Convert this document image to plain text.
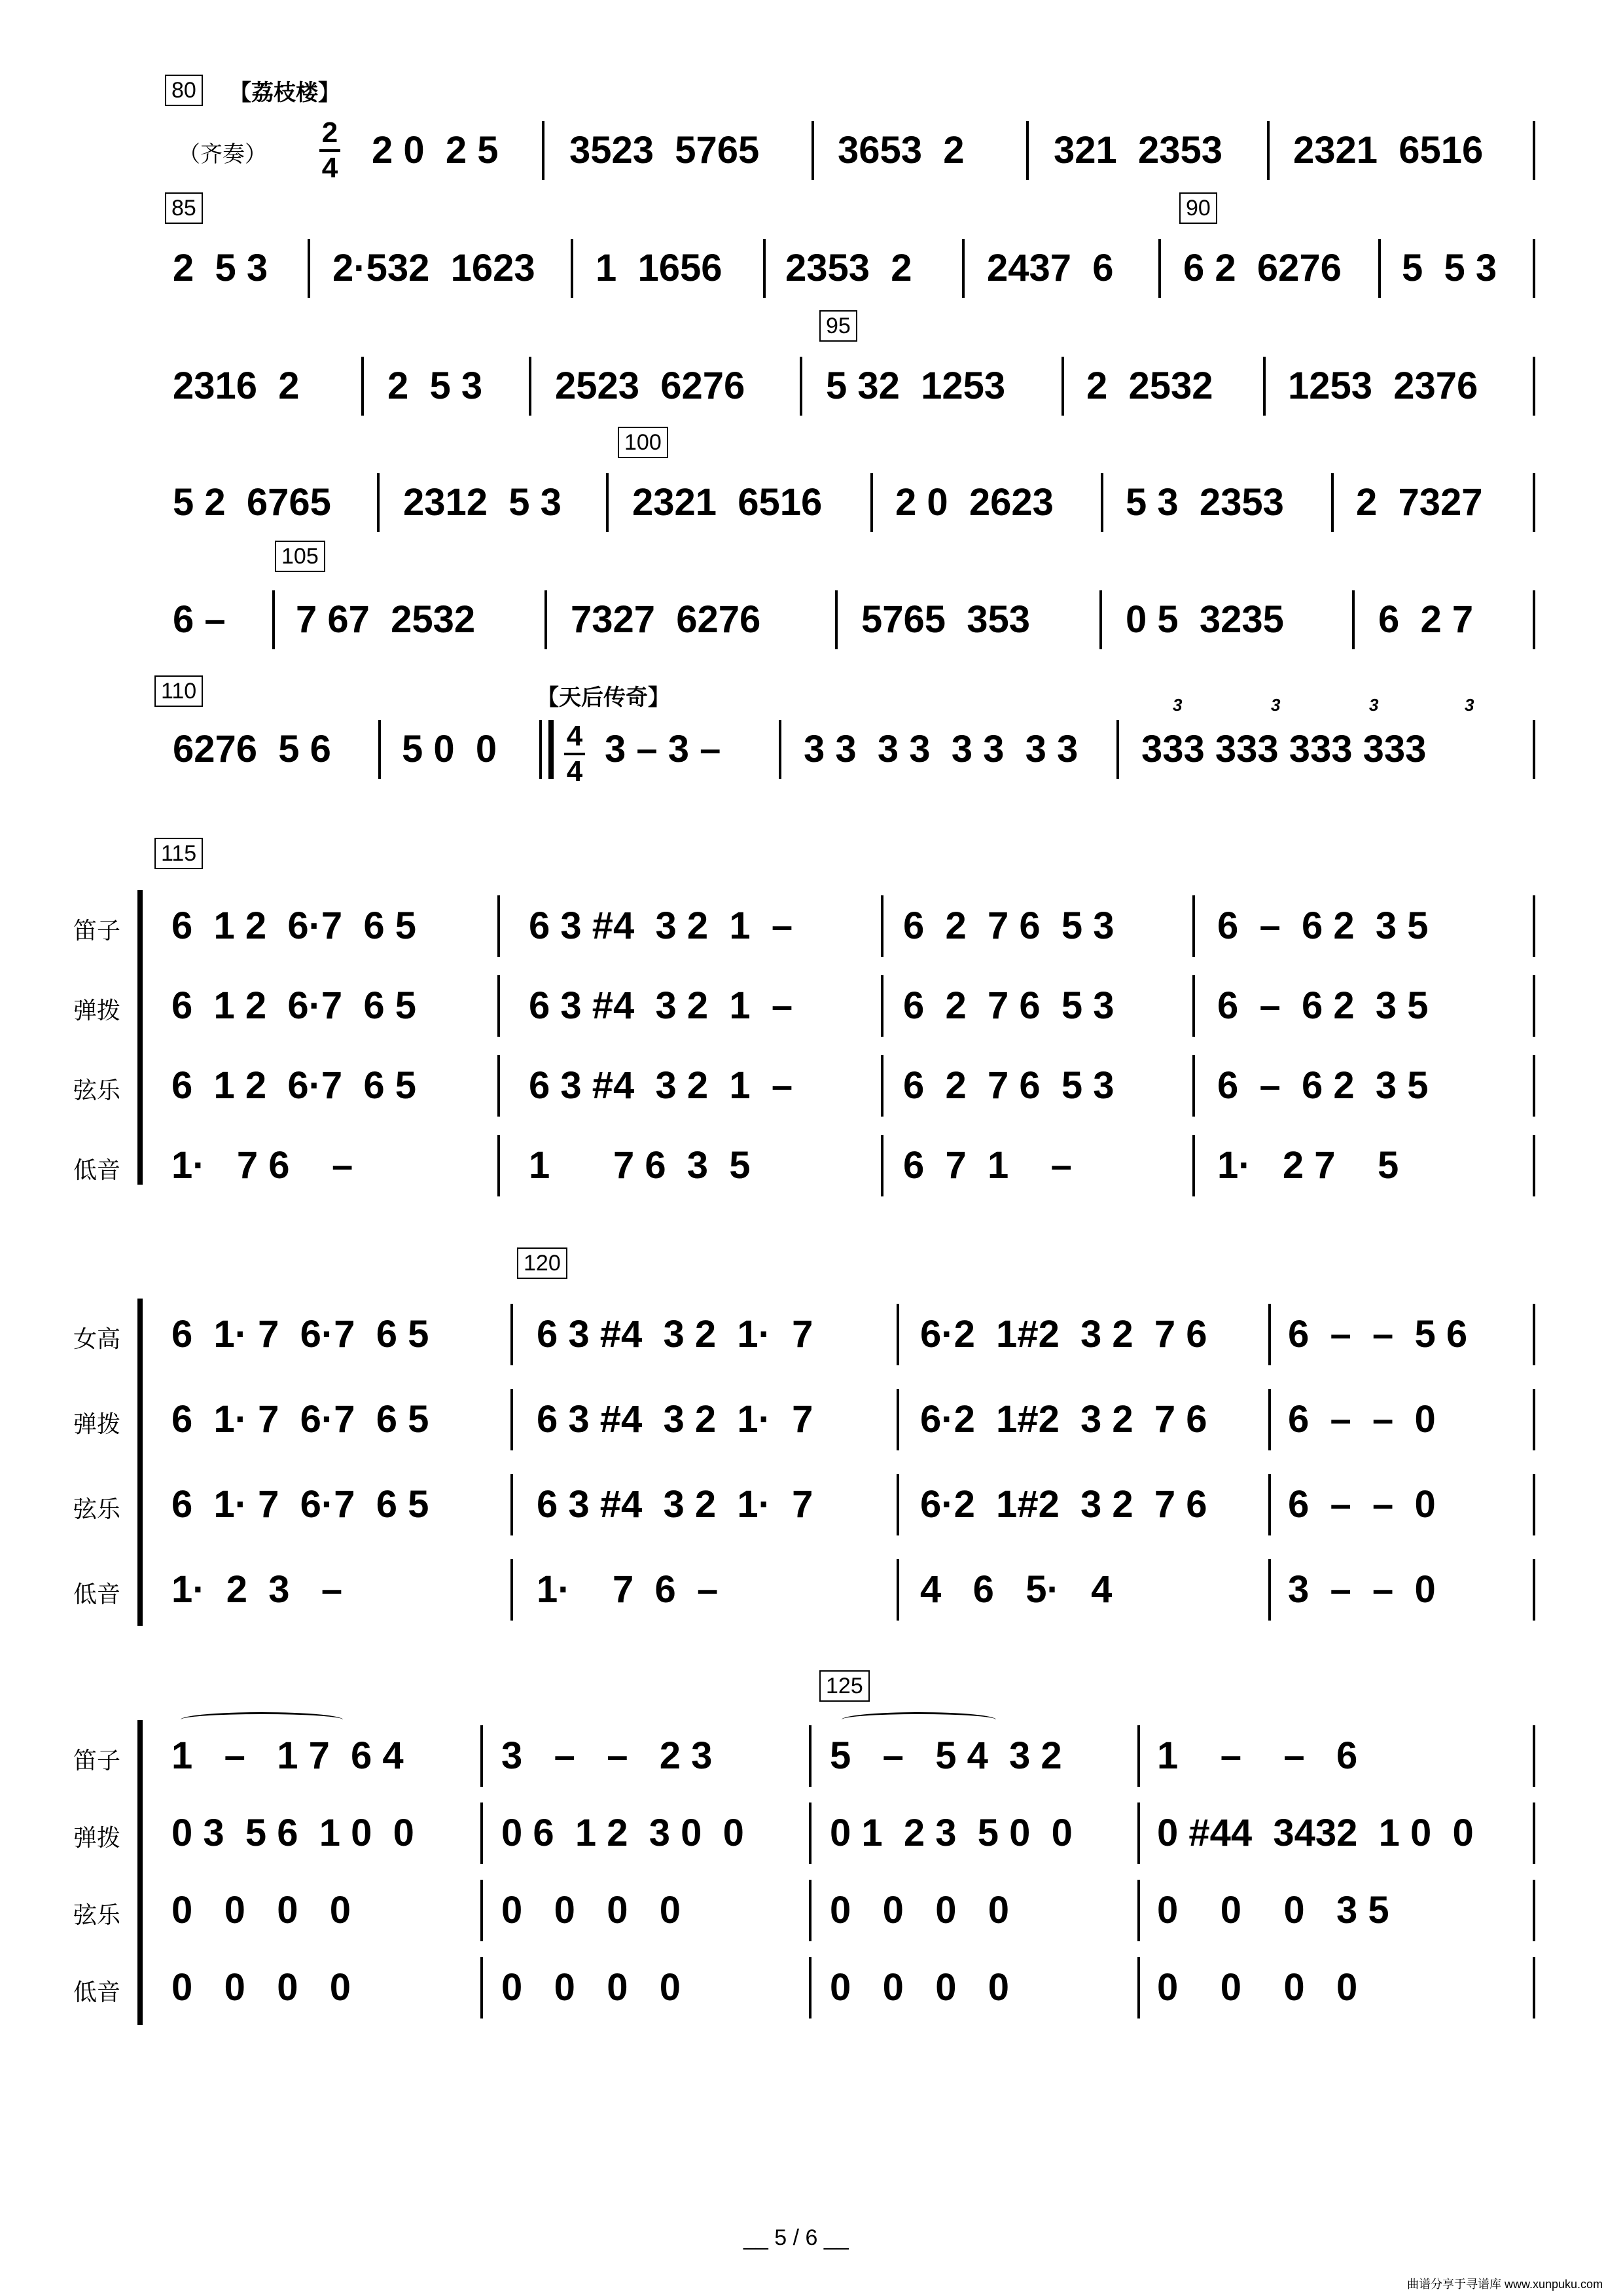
80 【荔枝楼】
（齐奏）
2
4 2 0  2 5	3523  5765	3653  2	321  2353	2321  6516
85	90
2  5 3	2·532  1623	1  1656	2353  2	2437  6	6 2  6276	5  5 3
95
2316  2	2  5 3	2523  6276	5 32  1253	2  2532	1253  2376
100
5 2  6765	2312  5 3	2321  6516	2 0  2623	5 3  2353	2  7327
105
6 –	7 67  2532	7327  6276	5765  353	0 5  3235	6  2 7
110	【天后传奇】
6276  5 6	5 0  0	4
4
3 – 3 –	3 3  3 3  3 3  3 3	333 333 333 333
3	3	3	3
115
笛子 6  1 2  6·7  6 5	6 3 #4  3 2  1  –	6  2  7 6  5 3	6  –  6 2  3 5
弹拨 6  1 2  6·7  6 5	6 3 #4  3 2  1  –	6  2  7 6  5 3	6  –  6 2  3 5
弦乐 6  1 2  6·7  6 5	6 3 #4  3 2  1  –	6  2  7 6  5 3	6  –  6 2  3 5
低音 1·   7 6    –	1      7 6  3  5	6  7  1    –	1·   2 7    5
120
女高 6  1· 7  6·7  6 5	6 3 #4  3 2  1·  7	6·2  1#2  3 2  7 6	6  –  –  5 6
弹拨 6  1· 7  6·7  6 5	6 3 #4  3 2  1·  7	6·2  1#2  3 2  7 6	6  –  –  0
弦乐 6  1· 7  6·7  6 5	6 3 #4  3 2  1·  7	6·2  1#2  3 2  7 6	6  –  –  0
低音 1·  2  3   –	1·    7  6  –	4   6   5·   4	3  –  –  0
125
笛子 1   –   1 7  6 4	3   –   –   2 3	5   –   5 4  3 2	1    –    –   6
弹拨 0 3  5 6  1 0  0	0 6  1 2  3 0  0	0 1  2 3  5 0  0	0 #44  3432  1 0  0
弦乐 0   0   0   0	0   0   0   0	0   0   0   0	0    0    0   3 5
低音 0   0   0   0	0   0   0   0	0   0   0   0	0    0    0   0
__ 5 / 6 __
曲谱分享于寻谱库 www.xunpuku.com
